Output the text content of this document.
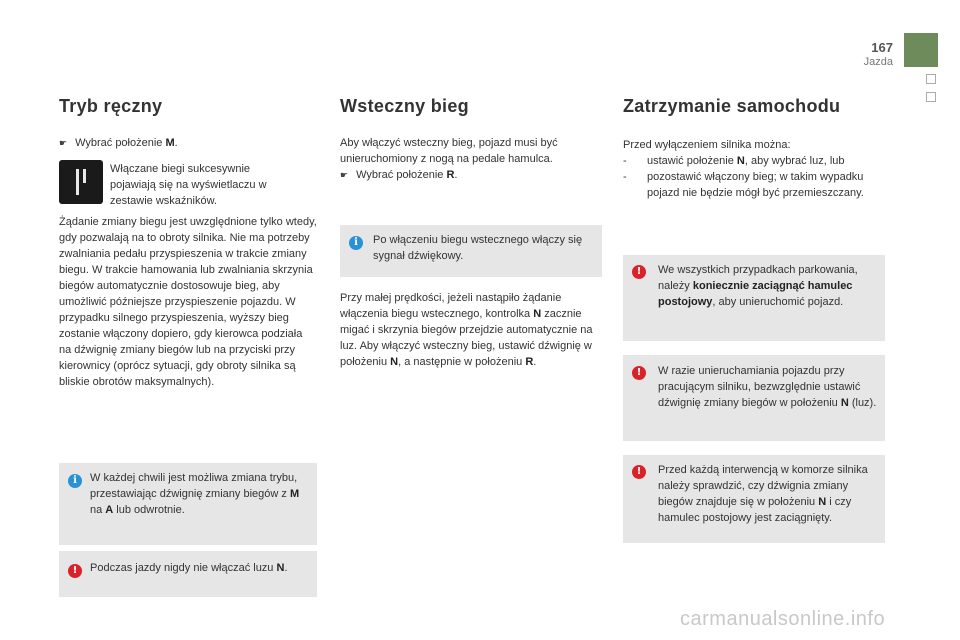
167
Jazda
Tryb ręczny
☛ Wybrać położenie M.
Włączane biegi sukcesywnie pojawiają się na wyświetlaczu w zestawie wskaźników.
Żądanie zmiany biegu jest uwzględnione tylko wtedy, gdy pozwalają na to obroty silnika. Nie ma potrzeby zwalniania pedału przyspieszenia w trakcie zmiany biegu. W trakcie hamowania lub zwalniania skrzynia biegów automatycznie dostosowuje bieg, aby umożliwić późniejsze przyspieszenie pojazdu. W przypadku silnego przyspieszenia, wyższy bieg zostanie włączony dopiero, gdy kierowca podziała na dźwignię zmiany biegów lub na przyciski przy kierownicy (oprócz sytuacji, gdy obroty silnika są bliskie obrotów maksymalnych).
i	W każdej chwili jest możliwa zmiana trybu, przestawiając dźwignię zmiany biegów z M na A lub odwrotnie.
!	Podczas jazdy nigdy nie włączać luzu N.
Wsteczny bieg
Aby włączyć wsteczny bieg, pojazd musi być unieruchomiony z nogą na pedale hamulca.
☛ Wybrać położenie R.
i	Po włączeniu biegu wstecznego włączy się sygnał dźwiękowy.
Przy małej prędkości, jeżeli nastąpiło żądanie włączenia biegu wstecznego, kontrolka N zacznie migać i skrzynia biegów przejdzie automatycznie na luz. Aby włączyć wsteczny bieg, ustawić dźwignię w położeniu N, a następnie w położeniu R.
Zatrzymanie samochodu
Przed wyłączeniem silnika można:
- ustawić położenie N, aby wybrać luz, lub
- pozostawić włączony bieg; w takim wypadku pojazd nie będzie mógł być przemieszczany.
!	We wszystkich przypadkach parkowania, należy koniecznie zaciągnąć hamulec postojowy, aby unieruchomić pojazd.
!	W razie unieruchamiania pojazdu przy pracującym silniku, bezwzględnie ustawić dźwignię zmiany biegów w położeniu N (luz).
!	Przed każdą interwencją w komorze silnika należy sprawdzić, czy dźwignia zmiany biegów znajduje się w położeniu N i czy hamulec postojowy jest zaciągnięty.
carmanualsonline.info
